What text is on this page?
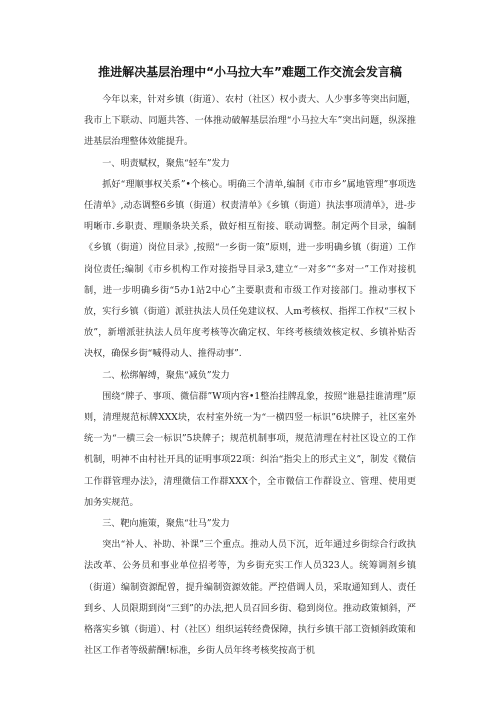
推进解决基层治理中“小马拉大车”难题工作交流会发言稿

今年以来，针对乡镇（街道）、农村（社区）权小责大、人少事多等突出问题，我市上下联动、同题共答、一体推动破解基层治理“小马拉大车”突出问题，纵深推进基层治理整体效能提升。

一、明责赋权，聚焦“轻车”发力

抓好“理顺事权关系”•个核心。明确三个清单,编制《市市乡”属地管理”事项选任清单》,动态调整6乡镇（街道）权责清单》《乡镇（街道）执法事项清单》，进-步明晰市.乡职责、理顺条块关系，做好相互衔接、联动调整。制定两个目录，编制《乡镇（街道）岗位目录》,按照“一乡街一策”原则，进一步明确乡镇（街道）工作岗位责任;编制《市乡机构工作对接指导目录3,建立“一对多”“多对一”工作对接机制，进一步明确乡街“5办1站2中心”主要职责和市级工作对接部门。推动事权下放，实行乡镇（街道）派驻执法人员任免建议权、人m考核权、指挥工作权“三权卜放”，新增派驻执法人员年度考核等次确定权、年终考核绩效核定权、乡镇补贴否决权，确保乡街“喊得动人、推得动事”.

二、松绑解缚，聚焦“减负”发力

围绕“牌子、事项、微信群”W项内容•1整治挂牌乱象，按照“谁悬挂谁清理”原则，清理规范标牌XXX块，农村室外统一为“一横四竖一标识”6块牌子，社区室外统一为“一横三会一标识”5块牌子；规范机制事项，规范清理在村社区设立的工作机制，明神不由村社开具的证明事项22项：纠治“指尖上的形式主义”，制发《微信工作群管理办法》，清理微信工作群XXX个，全市微信工作群设立、管理、使用更加务实规范。

三、靶向施策，聚焦“壮马”发力

突出“补人、补助、补课”三个重点。推动人员下沉，近年通过乡街综合行政执法改革、公务员和事业单位招考等，为乡街充实工作人员323人。统筹调剂乡镇（街道）编制资源配曾，提升编制资源效能。严控借调人员，采取通知到人、责任到乡、人员限期到岗“三到”的办法,把人员召回乡街、稳到岗位。推动政策倾斜，严格落实乡镇（街道）、村（社区）组织运转经费保障，执行乡镇干部工资倾斜政策和社区工作者等级薪酬!标准，乡街人员年终考核奖按高于机
